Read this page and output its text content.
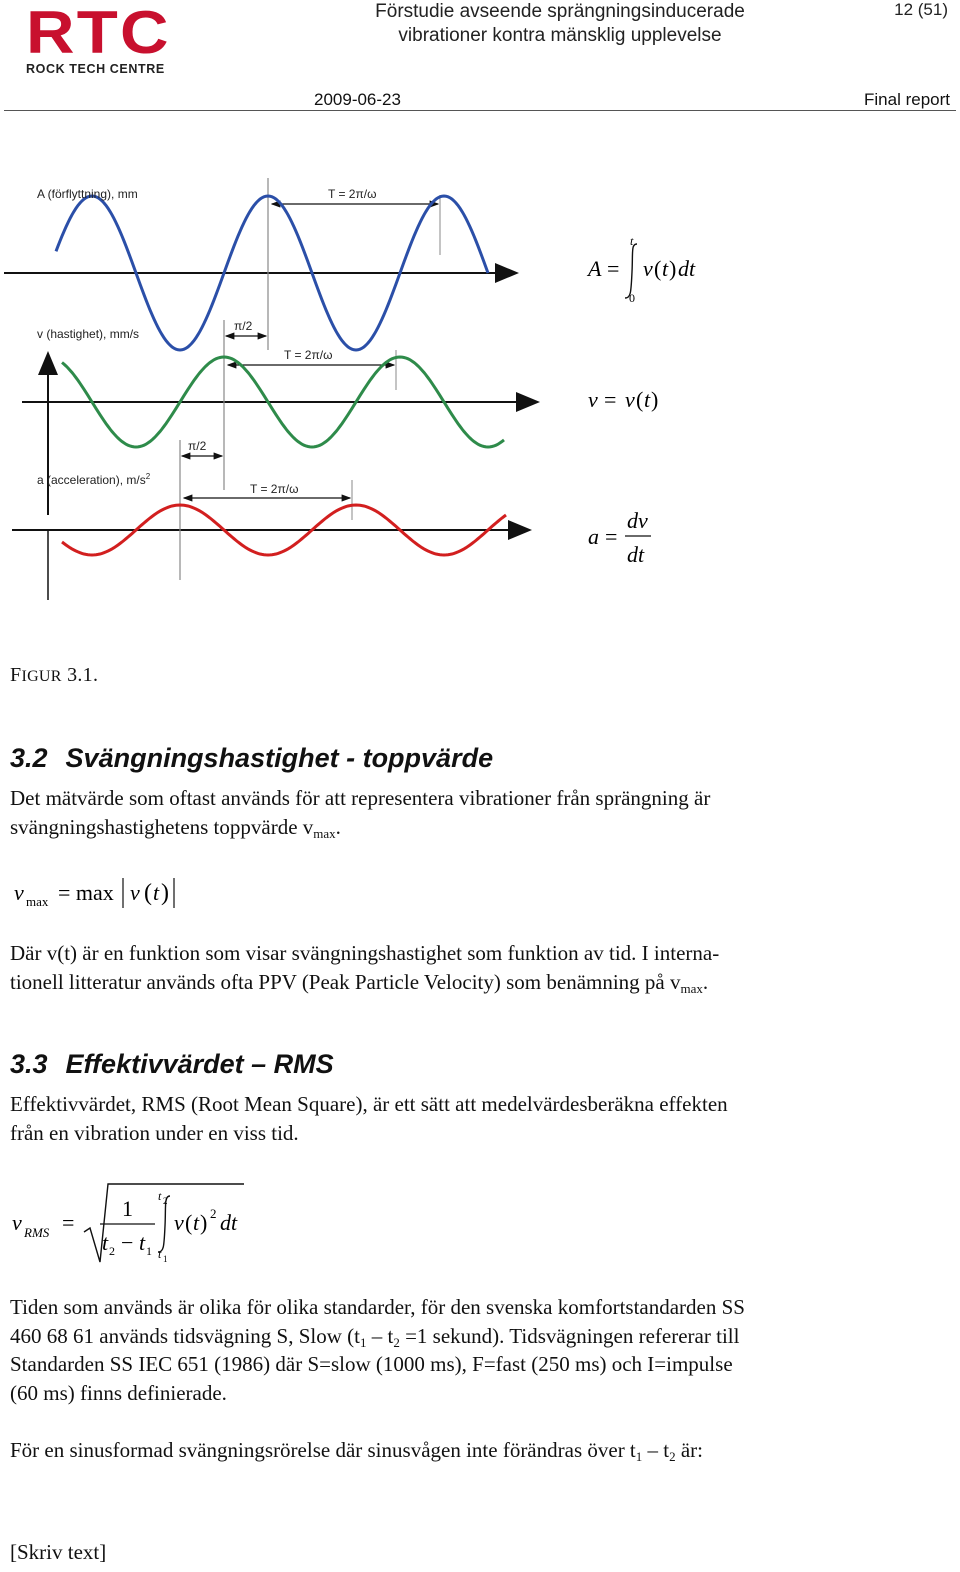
RTC
ROCK TECH CENTRE
Förstudie avseende sprängningsinducerade
vibrationer kontra mänsklig upplevelse
12 (51)
2009-06-23	Final report
A (förflyttning), mm
v (hastighet), mm/s
a (acceleration), $m/s^2$
T = 2π/ω
T = 2π/ω
T = 2π/ω
π/2
π/2
A =
t
0
v ( t ) dt
v = v ( t )
a =
dv
dt
FIGUR 3.1.
3.2 Svängningshastighet - toppvärde
Det mätvärde som oftast används för att representera vibrationer från sprängning är
svängningshastighetens toppvärde $v_{max}$.
v max = max v ( t )
Där v(t) är en funktion som visar svängningshastighet som funktion av tid. I interna-
tionell litteratur används ofta PPV (Peak Particle Velocity) som benämning på $v_{max}$.
3.3 Effektivvärdet – RMS
Effektivvärdet, RMS (Root Mean Square), är ett sätt att medelvärdesberäkna effekten
från en vibration under en viss tid.
v RMS =
1
t 2 − t 1
t 2
t 1
v ( t ) 2 dt
Tiden som används är olika för olika standarder, för den svenska komfortstandarden SS
460 68 61 används tidsvägning S, Slow ($t_1 - t_2 =1$ sekund). Tidsvägningen refererar till
Standarden SS IEC 651 (1986) där S=slow (1000 ms), F=fast (250 ms) och I=impulse
(60 ms) finns definierade.
För en sinusformad svängningsrörelse där sinusvågen inte förändras över $t_1 - t_2$ är:
[Skriv text]
